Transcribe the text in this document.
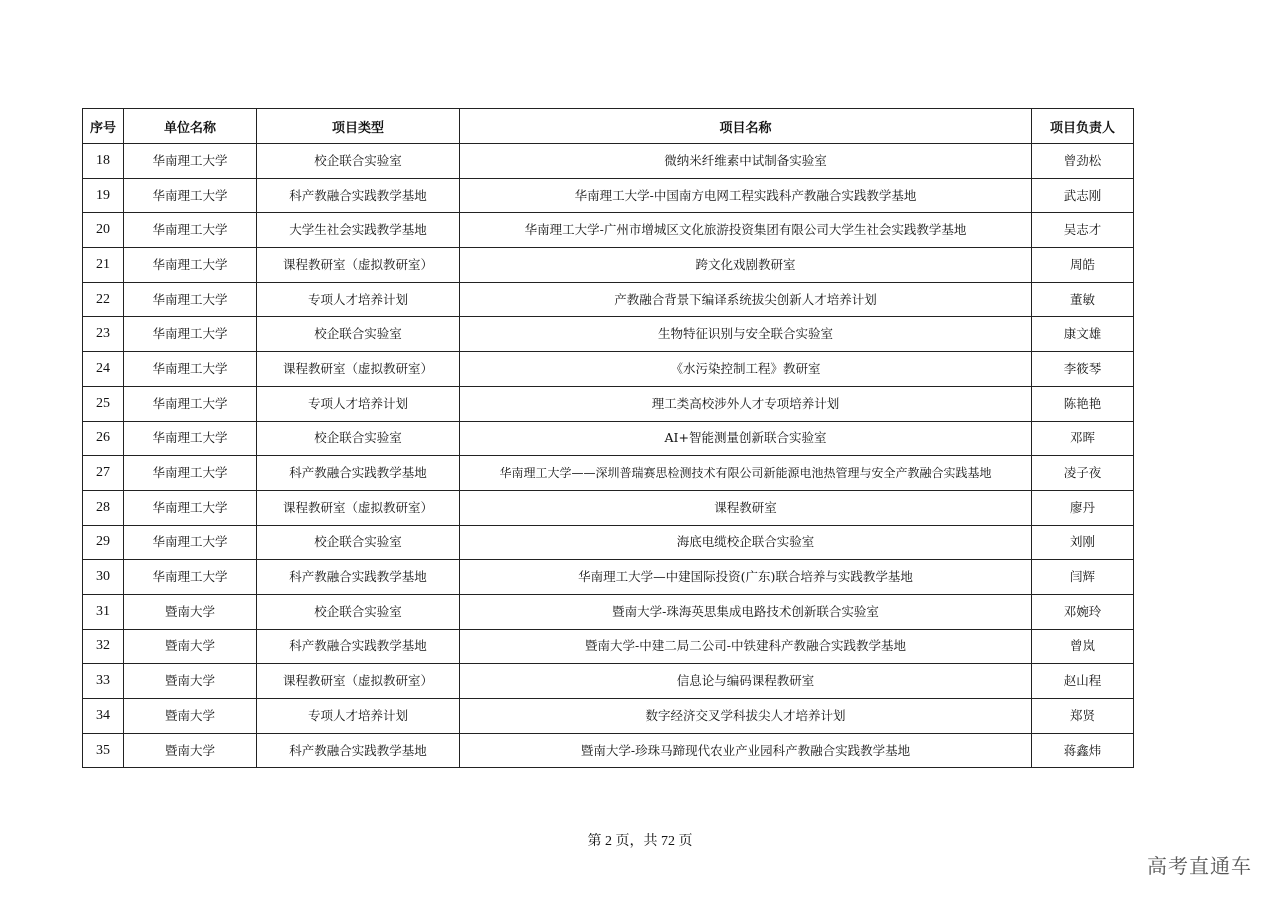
序号	单位名称	项目类型	项目名称	项目负责人
18	华南理工大学	校企联合实验室	微纳米纤维素中试制备实验室	曾劲松
19	华南理工大学	科产教融合实践教学基地	华南理工大学-中国南方电网工程实践科产教融合实践教学基地	武志刚
20	华南理工大学	大学生社会实践教学基地	华南理工大学-广州市增城区文化旅游投资集团有限公司大学生社会实践教学基地	吴志才
21	华南理工大学	课程教研室（虚拟教研室）	跨文化戏剧教研室	周皓
22	华南理工大学	专项人才培养计划	产教融合背景下编译系统拔尖创新人才培养计划	董敏
23	华南理工大学	校企联合实验室	生物特征识别与安全联合实验室	康文雄
24	华南理工大学	课程教研室（虚拟教研室）	《水污染控制工程》教研室	李筱琴
25	华南理工大学	专项人才培养计划	理工类高校涉外人才专项培养计划	陈艳艳
26	华南理工大学	校企联合实验室	AI+智能测量创新联合实验室	邓晖
27	华南理工大学	科产教融合实践教学基地	华南理工大学——深圳普瑞赛思检测技术有限公司新能源电池热管理与安全产教融合实践基地	凌子夜
28	华南理工大学	课程教研室（虚拟教研室）	课程教研室	廖丹
29	华南理工大学	校企联合实验室	海底电缆校企联合实验室	刘刚
30	华南理工大学	科产教融合实践教学基地	华南理工大学—中建国际投资(广东)联合培养与实践教学基地	闫辉
31	暨南大学	校企联合实验室	暨南大学-珠海英思集成电路技术创新联合实验室	邓婉玲
32	暨南大学	科产教融合实践教学基地	暨南大学-中建二局二公司-中铁建科产教融合实践教学基地	曾岚
33	暨南大学	课程教研室（虚拟教研室）	信息论与编码课程教研室	赵山程
34	暨南大学	专项人才培养计划	数字经济交叉学科拔尖人才培养计划	郑贤
35	暨南大学	科产教融合实践教学基地	暨南大学-珍珠马蹄现代农业产业园科产教融合实践教学基地	蒋鑫炜
第 2 页，共 72 页
高考直通车
